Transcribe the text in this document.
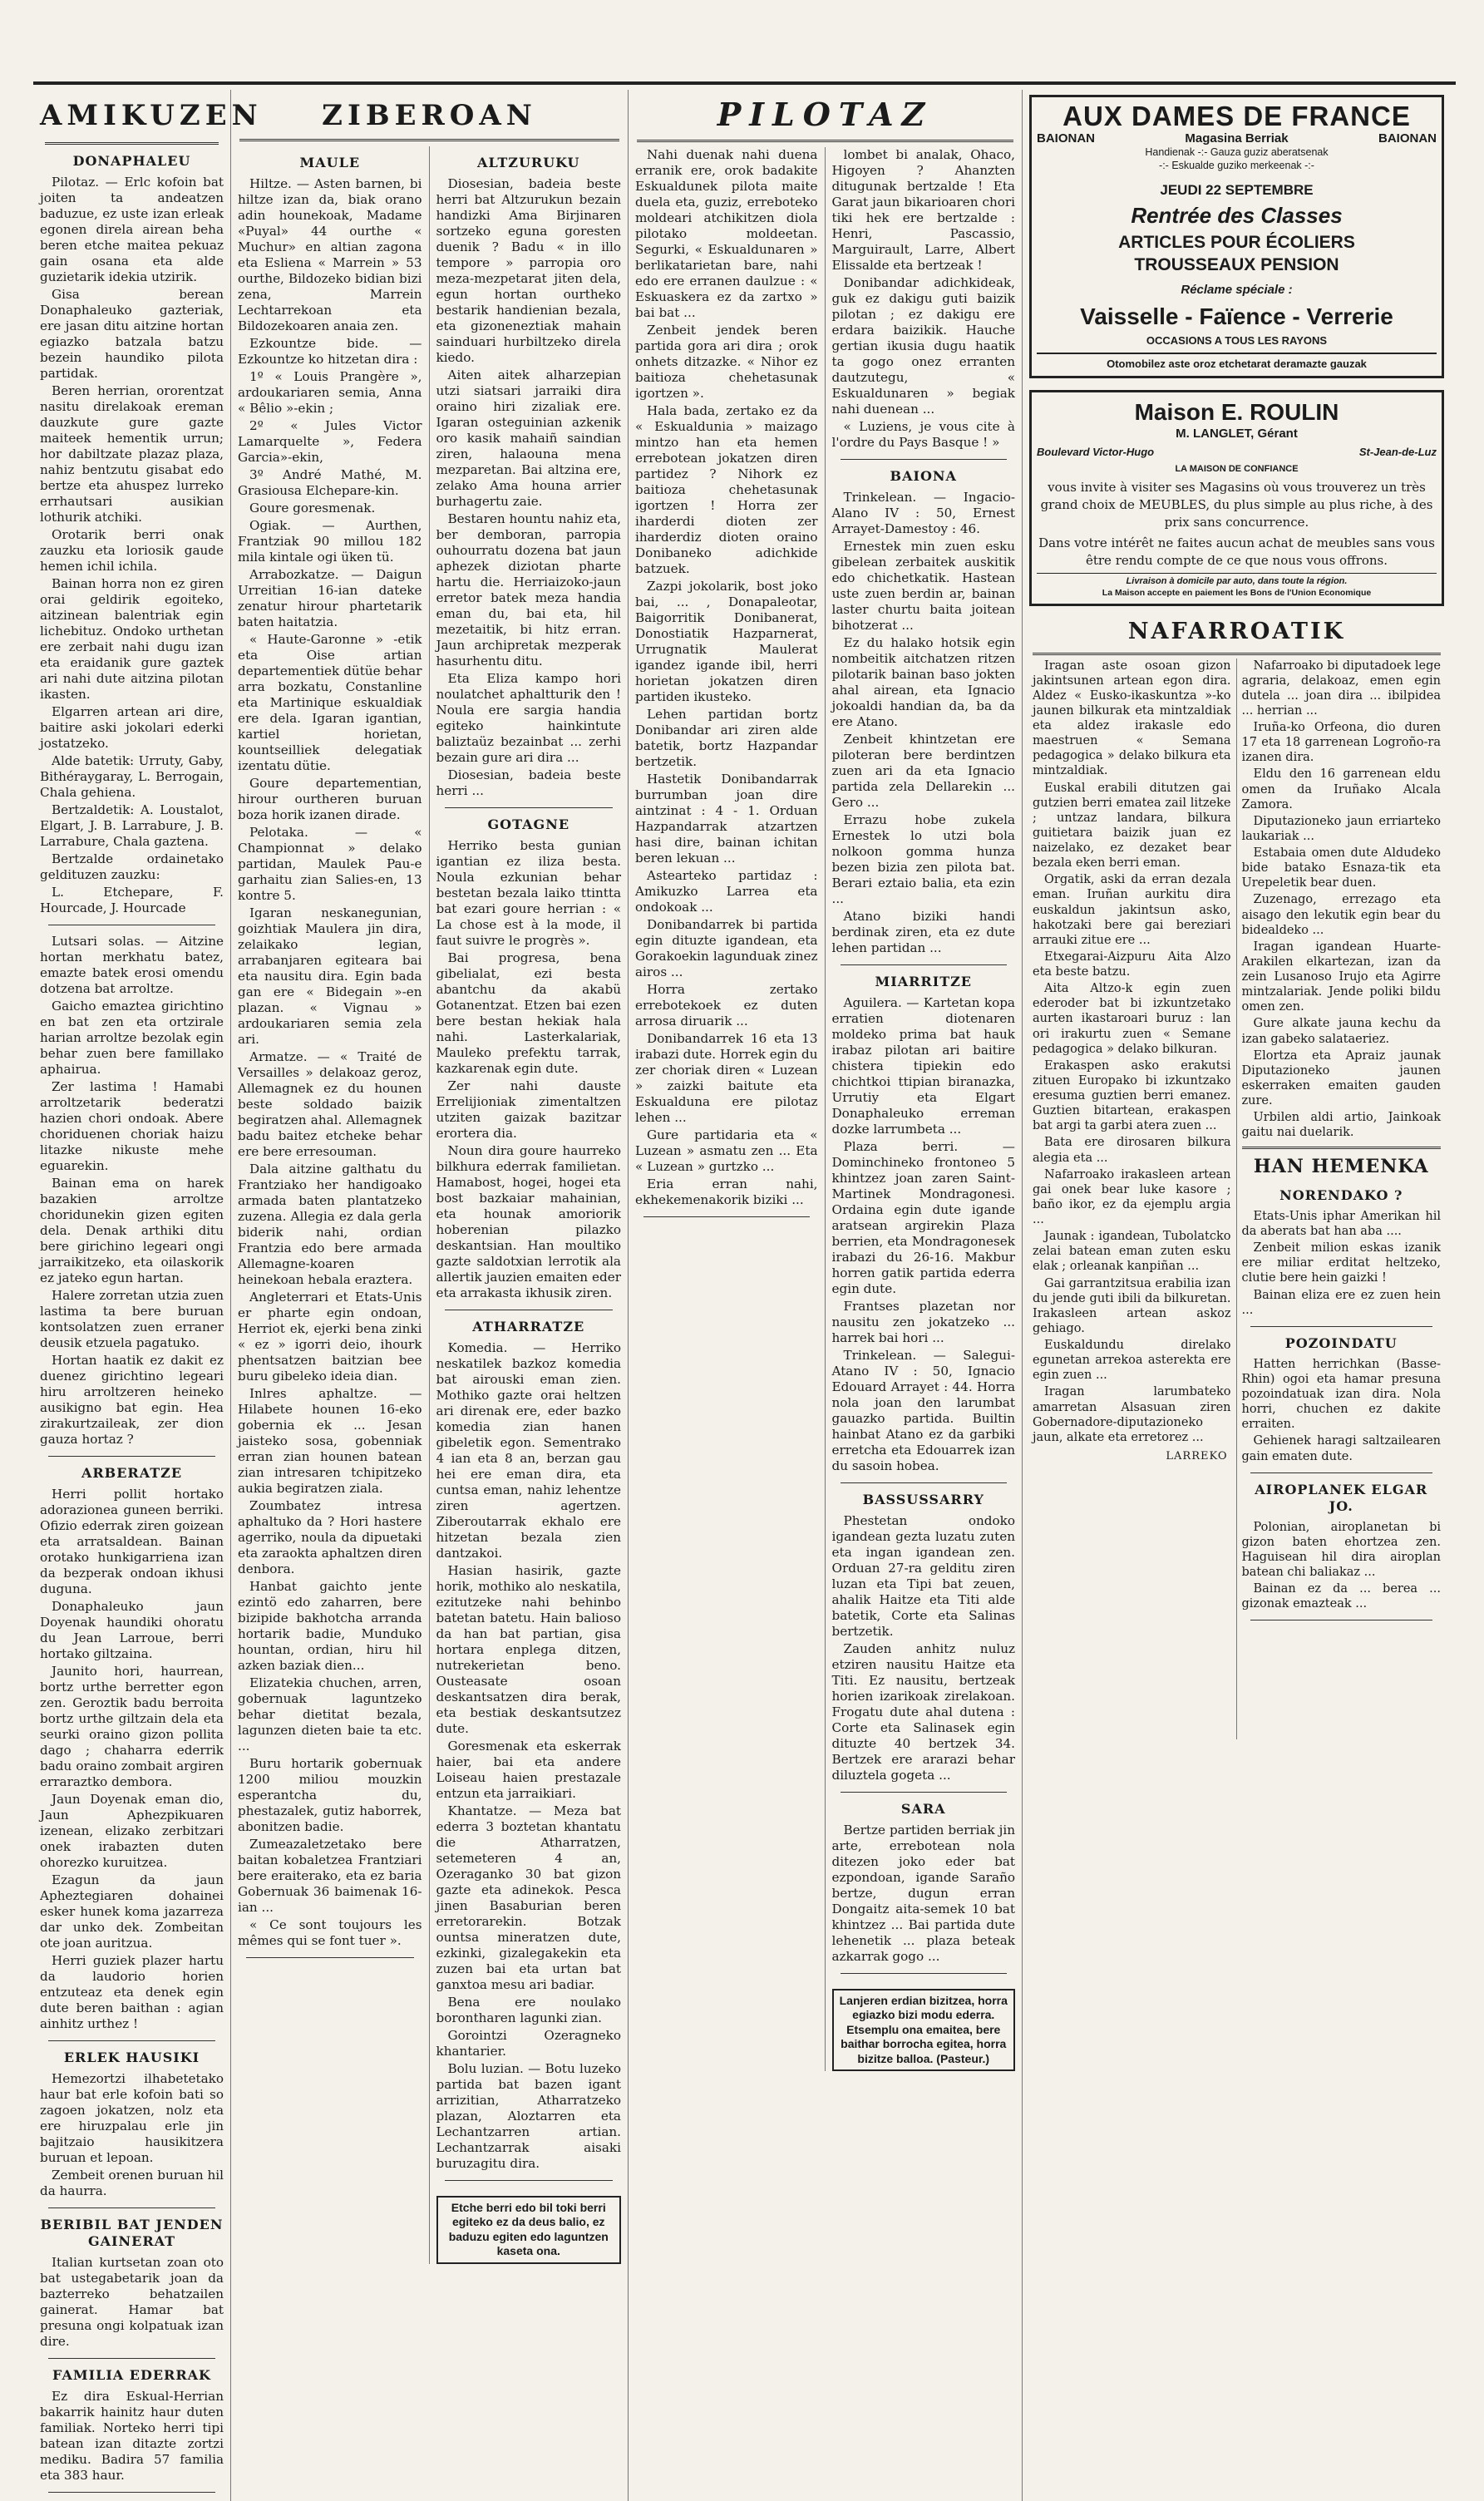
AMIKUZEN
DONAPHALEU

Pilotaz. — Erlc kofoin bat joiten ta andeatzen baduzue, ez uste izan erleak egonen direla airean beha beren etche maitea pekuaz gain osana eta alde guzietarik idekia utzirik.

Gisa berean Donaphaleuko gazteriak, ere jasan ditu aitzine hortan egiazko batzala batzu bezein haundiko pilota partidak.

Beren herrian, ororentzat nasitu direlakoak ereman dauzkute gure gazte maiteek hementik urrun; hor dabiltzate plazaz plaza, nahiz bentzutu gisabat edo bertze eta ahuspez lurreko errhautsari ausikian lothurik atchiki.

Orotarik berri onak zauzku eta loriosik gaude hemen ichil ichila.

Bainan horra non ez giren orai geldirik egoiteko, aitzinean balentriak egin lichebituz. Ondoko urthetan ere zerbait nahi dugu izan eta eraidanik gure gaztek ari nahi dute aitzina pilotan ikasten.

Elgarren artean ari dire, baitire aski jokolari ederki jostatzeko.

Alde batetik: Urruty, Gaby, Bithéraygaray, L. Berrogain, Chala gehiena.

Bertzaldetik: A. Loustalot, Elgart, J. B. Larrabure, J. B. Larrabure, Chala gaztena.

Bertzalde ordainetako geldituzen zauzku:

L. Etchepare, F. Hourcade, J. Hourcade

Lutsari solas. — Aitzine hortan merkhatu batez, emazte batek erosi omendu dotzena bat arroltze.

Gaicho emaztea girichtino en bat zen eta ortzirale harian arroltze bezolak egin behar zuen bere famillako aphairua.

Zer lastima ! Hamabi arroltzetarik bederatzi hazien chori ondoak. Abere choriduenen choriak haizu litazke nikuste mehe eguarekin.

Bainan ema on harek bazakien arroltze choridunekin gizen egiten dela. Denak arthiki ditu bere girichino legeari ongi jarraikitzeko, eta oilaskorik ez jateko egun hartan.

Halere zorretan utzia zuen lastima ta bere buruan kontsolatzen zuen erraner deusik etzuela pagatuko.

Hortan haatik ez dakit ez duenez girichtino legeari hiru arroltzeren heineko ausikigno bat egin. Hea zirakurtzaileak, zer dion gauza hortaz ?

ARBERATZE

Herri pollit hortako adorazionea guneen berriki. Ofizio ederrak ziren goizean eta arratsaldean. Bainan orotako hunkigarriena izan da bezperak ondoan ikhusi duguna.

Donaphaleuko jaun Doyenak haundiki ohoratu du Jean Larroue, berri hortako giltzaina.

Jaunito hori, haurrean, bortz urthe berretter egon zen. Geroztik badu berroita bortz urthe giltzain dela eta seurki oraino gizon pollita dago ; chaharra ederrik badu oraino zombait argiren erraraztko dembora.

Jaun Doyenak eman dio, Jaun Aphezpikuaren izenean, elizako zerbitzari onek irabazten duten ohorezko kuruitzea.

Ezagun da jaun Apheztegiaren dohainei esker hunek koma jazarreza dar unko dek. Zombeitan ote joan auritzua.

Herri guziek plazer hartu da laudorio horien entzuteaz eta denek egin dute beren baithan : agian ainhitz urthez !

ERLEK HAUSIKI

Hemezortzi ilhabetetako haur bat erle kofoin bati so zagoen jokatzen, nolz eta ere hiruzpalau erle jin bajitzaio hausikitzera buruan et lepoan.

Zembeit orenen buruan hil da haurra.

BERIBIL BAT JENDEN GAINERAT

Italian kurtsetan zoan oto bat ustegabetarik joan da bazterreko behatzailen gainerat. Hamar bat presuna ongi kolpatuak izan dire.

FAMILIA EDERRAK

Ez dira Eskual-Herrian bakarrik hainitz haur duten familiak. Norteko herri tipi batean izan ditazte zortzi mediku. Badira 57 familia eta 383 haur.

ZIBEROAN
MAULE

Hiltze. — Asten barnen, bi hiltze izan da, biak orano adin hounekoak, Madame «Puyal» 44 ourthe « Muchur» en altian zagona eta Esliena « Marrein » 53 ourthe, Bildozeko bidian bizi zena, Marrein Lechtarrekoan eta Bildozekoaren anaia zen.

Ezkountze bide. — Ezkountze ko hitzetan dira :

1º « Louis Prangère », ardoukariaren semia, Anna « Bêlio »-ekin ;

2º « Jules Victor Lamarquelte », Federa Garcia»-ekin,

3º André Mathé, M. Grasiousa Elchepare-kin.

Goure goresmenak.

Ogiak. — Aurthen, Frantziak 90 millou 182 mila kintale ogi üken tü.

Arrabozkatze. — Daigun Urreitian 16-ian dateke zenatur hirour phartetarik baten haitatzia.

« Haute-Garonne » -etik eta Oise artian departementiek dütüe behar arra bozkatu, Constanline eta Martinique eskualdiak ere dela. Igaran igantian, kartiel horietan, kountseilliek delegatiak izentatu dütie.

Goure departementian, hirour ourtheren buruan boza horik izanen dirade.

Pelotaka. — « Championnat » delako partidan, Maulek Pau-e garhaitu zian Salies-en, 13 kontre 5.

Igaran neskanegunian, goizhtiak Maulera jin dira, zelaikako legian, arrabanjaren egiteara bai eta nausitu dira. Egin bada gan ere « Bidegain »-en plazan. « Vignau » ardoukariaren semia zela ari.

Armatze. — « Traité de Versailles » delakoaz geroz, Allemagnek ez du hounen beste soldado baizik begiratzen ahal. Allemagnek badu baitez etcheke behar ere bere erresouman.

Dala aitzine galthatu du Frantziako her handigoako armada baten plantatzeko zuzena. Allegia ez dala gerla biderik nahi, ordian Frantzia edo bere armada Allemagne-koaren heinekoan hebala eraztera.

Angleterrari et Etats-Unis er pharte egin ondoan, Herriot ek, ejerki bena zinki « ez » igorri deio, ihourk phentsatzen baitzian bee buru gibeleko ideia dian.

Inlres aphaltze. — Hilabete hounen 16-eko gobernia ek ... Jesan jaisteko sosa, gobenniak erran zian hounen batean zian intresaren tchipitzeko aukia begiratzen ziala.

Zoumbatez intresa aphaltuko da ? Hori hastere agerriko, noula da dipuetaki eta zaraokta aphaltzen diren denbora.

Hanbat gaichto jente ezintö edo zaharren, bere bizipide bakhotcha arranda hortarik badie, Munduko hountan, ordian, hiru hil azken baziak dien...

Elizatekia chuchen, arren, gobernuak laguntzeko behar dietitat bezala, lagunzen dieten baie ta etc. ...

Buru hortarik gobernuak 1200 miliou mouzkin esperantcha du, phestazalek, gutiz haborrek, abonitzen badie.

Zumeazaletzetako bere baitan kobaletzea Frantziari bere eraiterako, eta ez baria Gobernuak 36 baimenak 16-ian ...

« Ce sont toujours les mêmes qui se font tuer ».

ALTZURUKU

Diosesian, badeia beste herri bat Altzurukun bezain handizki Ama Birjinaren sortzeko eguna goresten duenik ? Badu « in illo tempore » parropia oro meza-mezpetarat jiten dela, egun hortan ourtheko bestarik handienian bezala, eta gizoneneztiak mahain sainduari hurbiltzeko direla kiedo.

Aiten aitek alharzepian utzi siatsari jarraiki dira oraino hiri zizaliak ere. Igaran osteguinian azkenik oro kasik mahaiñ saindian ziren, halaouna mena mezparetan. Bai altzina ere, zelako Ama houna arrier burhagertu zaie.

Bestaren hountu nahiz eta, ber demboran, parropia ouhourratu dozena bat jaun aphezek diziotan pharte hartu die. Herriaizoko-jaun erretor batek meza handia eman du, bai eta, hil mezetaitik, bi hitz erran. Jaun archipretak mezperak hasurhentu ditu.

Eta Eliza kampo hori noulatchet aphaltturik den ! Noula ere sargia handia egiteko hainkintute baliztaüz bezainbat ... zerhi bezain gure ari dira ...

Diosesian, badeia beste herri ...

GOTAGNE

Herriko besta gunian igantian ez iliza besta. Noula ezkunian behar bestetan bezala laiko ttintta bat ezari goure herrian : « La chose est à la mode, il faut suivre le progrès ».

Bai progresa, bena gibelialat, ezi besta abantchu da akabü Gotanentzat. Etzen bai ezen bere bestan hekiak hala nahi. Lasterkalariak, Mauleko prefektu tarrak, kazkarenak egin dute.

Zer nahi dauste Errelijioniak zimentaltzen utziten gaizak bazitzar erortera dia.

Noun dira goure haurreko bilkhura ederrak familietan. Hamabost, hogei, hogei eta bost bazkaiar mahainian, eta hounak amoriorik hoberenian pilazko deskantsian. Han moultiko gazte saldotxian lerrotik ala allertik jauzien emaiten eder eta arrakasta ikhusik ziren.

ATHARRATZE

Komedia. — Herriko neskatilek bazkoz komedia bat airouski eman zien. Mothiko gazte orai heltzen ari direnak ere, eder bazko komedia zian hanen gibeletik egon. Sementrako 4 ian eta 8 an, berzan gau hei ere eman dira, eta cuntsa eman, nahiz lehentze ziren agertzen. Ziberoutarrak ekhalo ere hitzetan bezala zien dantzakoi.

Hasian hasirik, gazte horik, mothiko alo neskatila, ezitutzeke nahi behinbo batetan batetu. Hain balioso da han bat partian, gisa hortara enplega ditzen, nutrekerietan beno. Ousteasate osoan deskantsatzen dira berak, eta bestiak deskantsutzez dute.

Goresmenak eta eskerrak haier, bai eta andere Loiseau haien prestazale entzun eta jarraikiari.

Khantatze. — Meza bat ederra 3 boztetan khantatu die Atharratzen, setemeteren 4 an, Ozeraganko 30 bat gizon gazte eta adinekok. Pesca jinen Basaburian beren erretorarekin. Botzak ountsa mineratzen dute, ezkinki, gizalegakekin eta zuzen bai eta urtan bat ganxtoa mesu ari badiar.

Bena ere noulako borontharen lagunki zian.

Gorointzi Ozeragneko khantarier.

Bolu luzian. — Botu luzeko partida bat bazen igant arrizitian, Atharratzeko plazan, Aloztarren eta Lechantzarren artian. Lechantzarrak aisaki buruzagitu dira.

Etche berri edo bil toki berri egiteko ez da deus balio, ez baduzu egiten edo laguntzen kaseta ona.
PILOTAZ

Nahi duenak nahi duena erranik ere, orok badakite Eskualdunek pilota maite duela eta, guziz, erreboteko moldeari atchikitzen diola pilotako moldeetan. Segurki, « Eskualdunaren » berlikatarietan bare, nahi edo ere erranen daulzue : « Eskuaskera ez da zartxo » bai bat ...

Zenbeit jendek beren partida gora ari dira ; orok onhets ditzazke. « Nihor ez baitioza chehetasunak igortzen ».

Hala bada, zertako ez da « Eskualdunia » maizago mintzo han eta hemen errebotean jokatzen diren partidez ? Nihork ez baitioza chehetasunak igortzen ! Horra zer iharderdi dioten zer iharderdiz dioten oraino Donibaneko adichkide batzuek.

Zazpi jokolarik, bost joko bai, ... , Donapaleotar, Baigorritik Donibanerat, Donostiatik Hazparnerat, Urrugnatik Maulerat igandez igande ibil, herri horietan jokatzen diren partiden ikusteko.

Lehen partidan bortz Donibandar ari ziren alde batetik, bortz Hazpandar bertzetik.

Hastetik Donibandarrak burrumban joan dire aintzinat : 4 - 1. Orduan Hazpandarrak atzartzen hasi dire, bainan ichitan beren lekuan ...

Astearteko partidaz : Amikuzko Larrea eta ondokoak ...

Donibandarrek bi partida egin dituzte igandean, eta Gorakoekin lagunduak zinez airos ...

Horra zertako errebotekoek ez duten arrosa diruarik ...

Donibandarrek 16 eta 13 irabazi dute. Horrek egin du zer choriak diren « Luzean » zaizki baitute eta Eskualduna ere pilotaz lehen ...

Gure partidaria eta « Luzean » asmatu zen ... Eta « Luzean » gurtzko ...

Eria erran nahi, ekhekemenakorik biziki ...

lombet bi analak, Ohaco, Higoyen ? Ahanzten ditugunak bertzalde ! Eta Garat jaun bikarioaren chori tiki hek ere bertzalde : Henri, Pascassio, Marguirault, Larre, Albert Elissalde eta bertzeak !

Donibandar adichkideak, guk ez dakigu guti baizik pilotan ; ez dakigu ere erdara baizikik. Hauche gertian ikusia dugu haatik ta gogo onez erranten dautzutegu, « Eskualdunaren » begiak nahi duenean ...

« Luziens, je vous cite à l'ordre du Pays Basque ! »

BAIONA

Trinkelean. — Ingacio-Alano IV : 50, Ernest Arrayet-Damestoy : 46.

Ernestek min zuen esku gibelean zerbaitek auskitik edo chichetkatik. Hastean uste zuen berdin ar, bainan laster churtu baita joitean bihotzerat ...

Ez du halako hotsik egin nombeitik aitchatzen ritzen pilotarik bainan baso jokten ahal airean, eta Ignacio jokoaldi handian da, ba da ere Atano.

Zenbeit khintzetan ere piloteran bere berdintzen zuen ari da eta Ignacio partida zela Dellarekin ... Gero ...

Errazu hobe zukela Ernestek lo utzi bola nolkoon gomma hunza bezen bizia zen pilota bat. Berari eztaio balia, eta ezin ...

Atano biziki handi berdinak ziren, eta ez dute lehen partidan ...

MIARRITZE

Aguilera. — Kartetan kopa erratien diotenaren moldeko prima bat hauk irabaz pilotan ari baitire chistera tipiekin edo chichtkoi ttipian biranazka, Urrutiy eta Elgart Donaphaleuko erreman dozke larrumbeta ...

Plaza berri. — Dominchineko frontoneo 5 khintzez joan zaren Saint-Martinek Mondragonesi. Ordaina egin dute igande aratsean argirekin Plaza berrien, eta Mondragonesek irabazi du 26-16. Makbur horren gatik partida ederra egin dute.

Frantses plazetan nor nausitu zen jokatzeko ... harrek bai hori ...

Trinkelean. — Salegui-Atano IV : 50, Ignacio Edouard Arrayet : 44. Horra nola joan den larumbat gauazko partida. Builtin hainbat Atano ez da garbiki erretcha eta Edouarrek izan du sasoin hobea.

BASSUSSARRY

Phestetan ondoko igandean gezta luzatu zuten eta ingan igandean zen. Orduan 27-ra gelditu ziren luzan eta Tipi bat zeuen, ahalik Haitze eta Titi alde batetik, Corte eta Salinas bertzetik.

Zauden anhitz nuluz etziren nausitu Haitze eta Titi. Ez nausitu, bertzeak horien izarikoak zirelakoan. Frogatu dute ahal dutena : Corte eta Salinasek egin dituzte 40 bertzek 34. Bertzek ere ararazi behar diluztela gogeta ...

SARA

Bertze partiden berriak jin arte, errebotean nola ditezen joko eder bat ezpondoan, igande Saraño bertze, dugun erran Dongaitz aita-semek 10 bat khintzez ... Bai partida dute lehenetik ... plaza beteak azkarrak gogo ...

Lanjeren erdian bizitzea, horra egiazko bizi modu ederra. Etsemplu ona emaitea, bere baithar borrocha egitea, horra bizitze balloa. (Pasteur.)
AUX DAMES DE FRANCE
BAIONAN	Magasina Berriak	BAIONAN
Handienak -:- Gauza guziz aberatsenak
-:- Eskualde guziko merkeenak -:-
JEUDI 22 SEPTEMBRE
Rentrée des Classes
ARTICLES POUR ÉCOLIERS
TROUSSEAUX PENSION
Réclame spéciale :
Vaisselle - Faïence - Verrerie
OCCASIONS A TOUS LES RAYONS
Otomobilez aste oroz etchetarat deramazte gauzak
Maison E. ROULIN
M. LANGLET, Gérant
Boulevard Victor-Hugo	St-Jean-de-Luz
LA MAISON DE CONFIANCE
vous invite à visiter ses Magasins où vous trouverez un très grand choix de MEUBLES, du plus simple au plus riche, à des prix sans concurrence.
Dans votre intérêt ne faites aucun achat de meubles sans vous être rendu compte de ce que nous vous offrons.
Livraison à domicile par auto, dans toute la région.
La Maison accepte en paiement les Bons de l'Union Economique
NAFARROATIK

Iragan aste osoan gizon jakintsunen artean egon dira. Aldez « Eusko-ikaskuntza »-ko jaunen bilkurak eta mintzaldiak eta aldez irakasle edo maestruen « Semana pedagogica » delako bilkura eta mintzaldiak.

Euskal erabili ditutzen gai gutzien berri ematea zail litzeke ; untzaz landara, bilkura guitietara baizik juan ez naizelako, ez dezaket bear bezala eken berri eman.

Orgatik, aski da erran dezala eman. Iruñan aurkitu dira euskaldun jakintsun asko, hakotzaki bere gai bereziari arrauki zitue ere ...

Etxegarai-Aizpuru Aita Alzo eta beste batzu.

Aita Altzo-k egin zuen ederoder bat bi izkuntzetako aurten ikastaroari buruz : lan ori irakurtu zuen « Semane pedagogica » delako bilkuran.

Erakaspen asko erakutsi zituen Europako bi izkuntzako eresuma guztien berri emanez. Guztien bitartean, erakaspen bat argi ta garbi atera zuen ...

Bata ere dirosaren bilkura alegia eta ...

Nafarroako irakasleen artean gai onek bear luke kasore ; baño ikor, ez da ejemplu argia ...

Jaunak : igandean, Tubolatcko zelai batean eman zuten esku elak ; orleanak kanpiñan ...

Gai garrantzitsua erabilia izan du jende guti ibili da bilkuretan. Irakasleen artean askoz gehiago.

Euskaldundu direlako egunetan arrekoa asterekta ere egin zuen ...

Iragan larumbateko amarretan Alsasuan ziren Gobernadore-diputazioneko jaun, alkate eta erretorez ...

LARREKO

Nafarroako bi diputadoek lege agraria, delakoaz, emen egin dutela ... joan dira ... ibilpidea ... herrian ...

Iruña-ko Orfeona, dio duren 17 eta 18 garrenean Logroño-ra izanen dira.

Eldu den 16 garrenean eldu omen da Iruñako Alcala Zamora.

Diputazioneko jaun erriarteko laukariak ...

Estabaia omen dute Aldudeko bide batako Esnaza-tik eta Urepeletik bear duen.

Zuzenago, errezago eta aisago den lekutik egin bear du bidealdeko ...

Iragan igandean Huarte-Arakilen elkartezan, izan da zein Lusanoso Irujo eta Agirre mintzalariak. Jende poliki bildu omen zen.

Gure alkate jauna kechu da izan gabeko salataeriez.

Elortza eta Apraiz jaunak Diputazioneko jaunen eskerraken emaiten gauden zure.

Urbilen aldi artio, Jainkoak gaitu nai duelarik.

HAN HEMENKA
NORENDAKO ?

Etats-Unis iphar Amerikan hil da aberats bat han aba ....

Zenbeit milion eskas izanik ere miliar erditat heltzeko, clutie bere hein gaizki !

Bainan eliza ere ez zuen hein ...

POZOINDATU

Hatten herrichkan (Basse-Rhin) ogoi eta hamar presuna pozoindatuak izan dira. Nola horri, chuchen ez dakite erraiten.

Gehienek haragi saltzailearen gain ematen dute.

AIROPLANEK ELGAR JO.

Polonian, airoplanetan bi gizon baten ehortzea zen. Haguisean hil dira airoplan batean chi baliakaz ...

Bainan ez da ... berea ... gizonak emazteak ...
